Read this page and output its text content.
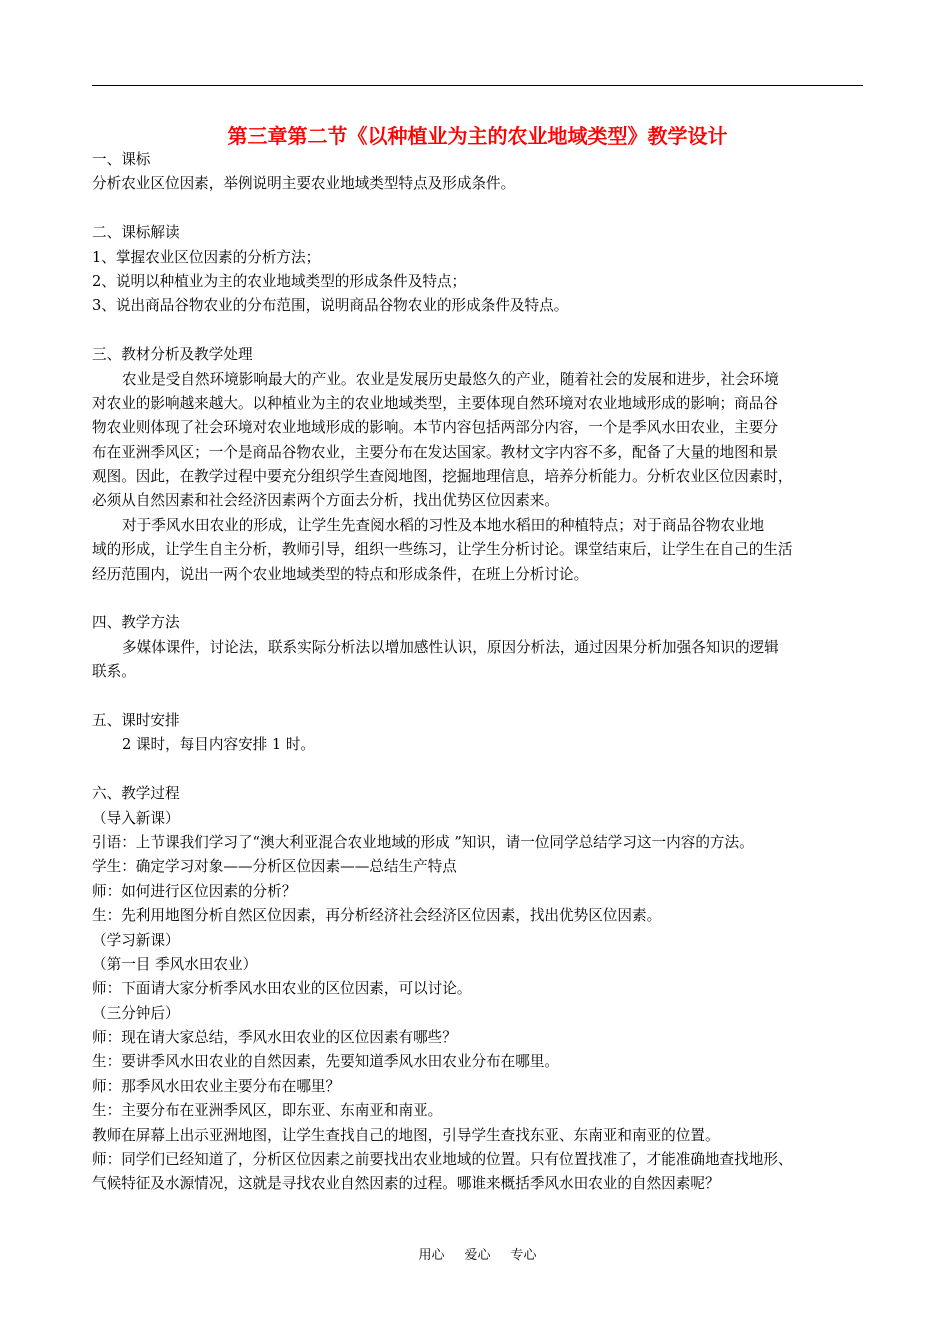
第三章第二节《以种植业为主的农业地域类型》教学设计
一、课标
分析农业区位因素，举例说明主要农业地域类型特点及形成条件。
二、课标解读
1、掌握农业区位因素的分析方法；
2、说明以种植业为主的农业地域类型的形成条件及特点；
3、说出商品谷物农业的分布范围，说明商品谷物农业的形成条件及特点。
三、教材分析及教学处理
农业是受自然环境影响最大的产业。农业是发展历史最悠久的产业，随着社会的发展和进步，社会环境
对农业的影响越来越大。以种植业为主的农业地域类型，主要体现自然环境对农业地域形成的影响；商品谷
物农业则体现了社会环境对农业地域形成的影响。本节内容包括两部分内容，一个是季风水田农业，主要分
布在亚洲季风区；一个是商品谷物农业，主要分布在发达国家。教材文字内容不多，配备了大量的地图和景
观图。因此，在教学过程中要充分组织学生查阅地图，挖掘地理信息，培养分析能力。分析农业区位因素时，
必须从自然因素和社会经济因素两个方面去分析，找出优势区位因素来。
对于季风水田农业的形成，让学生先查阅水稻的习性及本地水稻田的种植特点；对于商品谷物农业地
域的形成，让学生自主分析，教师引导，组织一些练习，让学生分析讨论。课堂结束后，让学生在自己的生活
经历范围内，说出一两个农业地域类型的特点和形成条件，在班上分析讨论。
四、教学方法
多媒体课件，讨论法，联系实际分析法以增加感性认识，原因分析法，通过因果分析加强各知识的逻辑
联系。
五、课时安排
2 课时，每目内容安排 1 时。
六、教学过程
（导入新课）
引语：上节课我们学习了“澳大利亚混合农业地域的形成 ”知识，请一位同学总结学习这一内容的方法。
学生：确定学习对象——分析区位因素——总结生产特点
师：如何进行区位因素的分析？
生：先利用地图分析自然区位因素，再分析经济社会经济区位因素，找出优势区位因素。
（学习新课）
（第一目 季风水田农业）
师：下面请大家分析季风水田农业的区位因素，可以讨论。
（三分钟后）
师：现在请大家总结，季风水田农业的区位因素有哪些？
生：要讲季风水田农业的自然因素，先要知道季风水田农业分布在哪里。
师：那季风水田农业主要分布在哪里？
生：主要分布在亚洲季风区，即东亚、东南亚和南亚。
教师在屏幕上出示亚洲地图，让学生查找自己的地图，引导学生查找东亚、东南亚和南亚的位置。
师：同学们已经知道了，分析区位因素之前要找出农业地域的位置。只有位置找准了，才能准确地查找地形、
气候特征及水源情况，这就是寻找农业自然因素的过程。哪谁来概括季风水田农业的自然因素呢？
用心 爱心 专心
